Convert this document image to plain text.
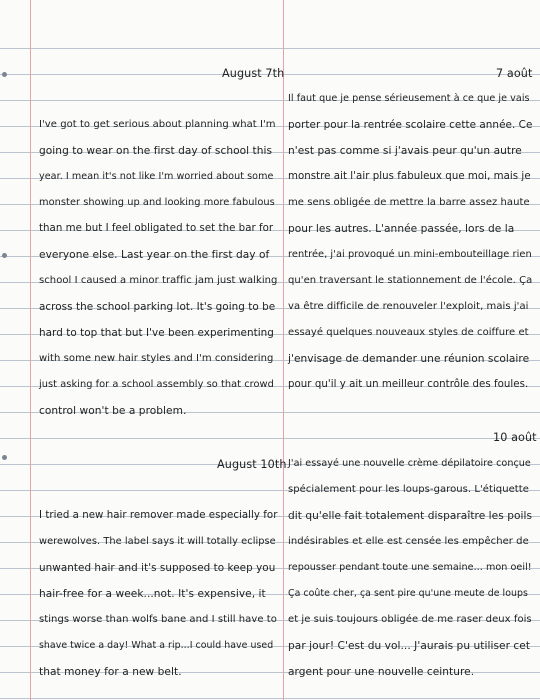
August 7th
I've got to get serious about planning what I'm
going to wear on the first day of school this
year. I mean it's not like I'm worried about some
monster showing up and looking more fabulous
than me but I feel obligated to set the bar for
everyone else. Last year on the first day of
school I caused a minor traffic jam just walking
across the school parking lot. It's going to be
hard to top that but I've been experimenting
with some new hair styles and I'm considering
just asking for a school assembly so that crowd
control won't be a problem.
August 10th
I tried a new hair remover made especially for
werewolves. The label says it will totally eclipse
unwanted hair and it's supposed to keep you
hair-free for a week...not. It's expensive, it
stings worse than wolfs bane and I still have to
shave twice a day! What a rip...I could have used
that money for a new belt.
7 août
Il faut que je pense sérieusement à ce que je vais
porter pour la rentrée scolaire cette année. Ce
n'est pas comme si j'avais peur qu'un autre
monstre ait l'air plus fabuleux que moi, mais je
me sens obligée de mettre la barre assez haute
pour les autres. L'année passée, lors de la
rentrée, j'ai provoqué un mini-embouteillage rien
qu'en traversant le stationnement de l'école. Ça
va être difficile de renouveler l'exploit, mais j'ai
essayé quelques nouveaux styles de coiffure et
j'envisage de demander une réunion scolaire
pour qu'il y ait un meilleur contrôle des foules.
10 août
J'ai essayé une nouvelle crème dépilatoire conçue
spécialement pour les loups-garous. L'étiquette
dit qu'elle fait totalement disparaître les poils
indésirables et elle est censée les empêcher de
repousser pendant toute une semaine... mon oeil!
Ça coûte cher, ça sent pire qu'une meute de loups
et je suis toujours obligée de me raser deux fois
par jour! C'est du vol... J'aurais pu utiliser cet
argent pour une nouvelle ceinture.
